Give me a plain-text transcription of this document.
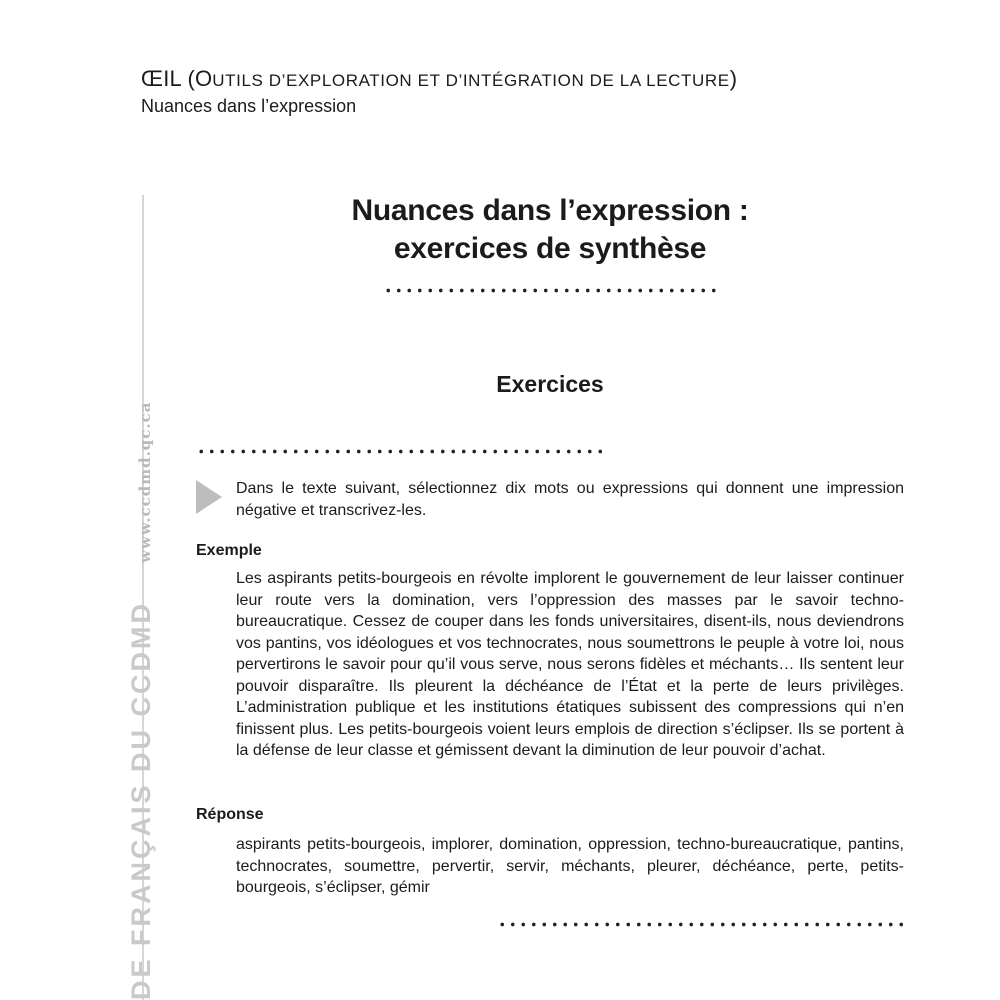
ŒIL (OUTILS D’EXPLORATION ET D’INTÉGRATION DE LA LECTURE)
Nuances dans l’expression
DE FRANÇAIS DU CCDMDwww.ccdmd.qc.ca
Nuances dans l’expression :
exercices de synthèse
Exercices
Dans le texte suivant, sélectionnez dix mots ou expressions qui donnent une impression négative et transcrivez-les.
Exemple
Les aspirants petits-bourgeois en révolte implorent le gouvernement de leur laisser continuer leur route vers la domination, vers l’oppression des masses par le savoir techno-bureaucratique. Cessez de couper dans les fonds universitaires, disent-ils, nous deviendrons vos pantins, vos idéologues et vos technocrates, nous soumettrons le peuple à votre loi, nous pervertirons le savoir pour qu’il vous serve, nous serons fidèles et méchants… Ils sentent leur pouvoir disparaître. Ils pleurent la déchéance de l’État et la perte de leurs privilèges. L’administration publique et les institutions étatiques subissent des compressions qui n’en finissent plus. Les petits-bourgeois voient leurs emplois de direction s’éclipser. Ils se portent à la défense de leur classe et gémissent devant la diminution de leur pouvoir d’achat.
Réponse
aspirants petits-bourgeois, implorer, domination, oppression, techno-bureaucratique, pantins, technocrates, soumettre, pervertir, servir, méchants, pleurer, déchéance, perte, petits-bourgeois, s’éclipser, gémir
